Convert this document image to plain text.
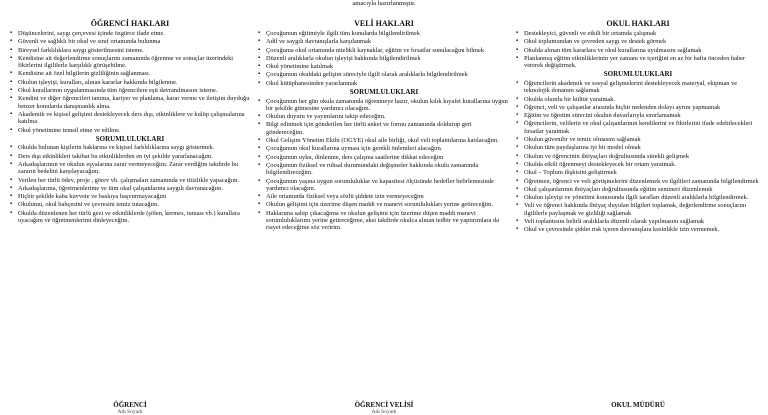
amacıyla hazırlanmıştır.
ÖĞRENCİ HAKLARI
▪ Düşüncelerini, saygı çerçevesi içinde özgürce ifade etme.
▪ Güvenli ve sağlıklı bir okul ve sınıf ortamında bulunma
▪ Bireysel farklılıklara saygı gösterilmesini isteme.
▪ Kendisine ait değerlendirme sonuçlarını zamanında öğrenme ve sonuçlar üzerindeki fikirlerini ilgililerle karşılıklı görüşebilme.
▪ Kendisine ait özel bilgilerin gizliliğinin sağlanması.
▪ Okulun işleyişi, kuralları, alınan kararlar hakkında bilgilenme.
▪ Okul kurallarının uygulanmasında tüm öğrencilere eşit davranılmasını isteme.
▪ Kendini ve diğer öğrencileri tanıma, kariyer ve planlama, karar verme ve iletişim duyduğu benzer konularda danışmanlık alma.
▪ Akademik ve kişisel gelişimi destekleyecek ders dışı, etkinliklere ve kulüp çalışmalarına katılma
▪ Okul yönetimine temsil etme ve edilme.
SORUMLULUKLARI
▪ Okulda bulunan kişilerin haklarına ve kişisel farklılıklarına saygı göstermek.
▪ Ders dışı etkinlikleri takibat bu etkinliklerden en iyi şekilde yararlanacağım.
▪ Arkadaşlarımın ve okulun eşyalarına zarar vermeyeceğim. Zarar verdiğim takdirde bu zararın bedelini karşılayacağım.
▪ Verilen her türlü ödev, proje , görev vb. çalışmaları zamanında ve titizlikle yapacağım.
▪ Arkadaşlarıma, öğretmenlerime ve tüm okul çalışanlarına saygılı davranacağım.
▪ Hiçbir şekilde kaba kuvvete ve baskıya başvurmayacağım
▪ Okulumu, okul bahçesini ve çevresini temiz tutacağım.
▪ Okulda düzenlenen her türlü gezi ve etkinliklerde (şölen, kermes, tuması vb.) kurallara uyacağım ve öğretmenlerimi dinleyeceğim.
VELİ HAKLARI
▪ Çocuğumun eğitimiyle ilgili tüm konularda bilgilendirilmek
▪ Adil ve saygılı davranışlarla karşılanmak
▪ Çocuğuma okul ortamında nitelikli kaynaklar, eğitim ve fırsatlar sunulacağını bilmek
▪ Düzenli aralıklarla okulun işleyişi hakkında bilgilendirilmek
▪ Okul yönetimine katılmak
▪ Çocuğumun okuldaki gelişim süreciyle ilgili olarak aralıklarla bilgilendirilmek
▪ Okul kütüphanesinden yararlanmak
SORUMLULUKLARI
▪ Çocuğumun her gün okula zamanında öğrenmeye hazır, okulun kılık kıyafet kurallarına uygun bir şekilde gitmesine yardımcı olacağım.
▪ Okulun duyuru ve yayımlarını takip edeceğim.
▪ Bilgi edinmek için gönderilen her türlü anket ve formu zamanında doldurup geri göndereceğim.
▪ Okul Gelişim Yönetim Ekibi (OGYE) okul aile birliği, okul veli toplantılarına katılacağım.
▪ Çocuğumun okul kurallarına uyması için gerekli önlemleri alacağım.
▪ Çocuğumun uyku, dinlenme, ders çalışma saatlerine dikkat edeceğim
▪ Çocuğumun fiziksel ve ruhsal durumundaki değişmeler hakkında okulu zamanında bilgilendireceğim.
▪ Çocuğumun yaşına uygun sorumluluklar ve kapasitesi ölçüsünde hedefler belirlemesinde yardımcı olacağım.
▪ Aile ortamında fiziksel veya sözlü şiddete izin vermeyeceğim
▪ Okulun gelişimi için üzerime düşen maddi ve manevi sorumlulukları yerine getireceğim.
▪ Haklarıma sahip çıkacağıma ve okulun gelişimi için üzerime düşen maddi manevi sorumluluklarımı yerine getireceğime, aksi takdirde okulca alınan tedbir ve yaptırımlara da riayet edeceğime söz veririm.
OKUL HAKLARI
▪ Destekleyici, güvenli ve etkili bir ortamda çalışmak
▪ Okul toplumundan ve çevreden saygı ve destek görmek
▪ Okulda alınan tüm kararlara ve okul kurallarına uyulmasını sağlamak
▪ Planlanmış eğitim etkinliklerinin yer zamanı ve içeriğini en az bir hafta önceden haber vererek değiştirmek.
SORUMLULUKLARI
▪ Öğrencilerin akademik ve sosyal gelişmelerini destekleyecek materyal, ekipman ve teknolojik donanım sağlamak
▪ Okulda olumlu bir kültür yaratmak.
▪ Öğrenci, veli ve çalışanlar arasında hiçbir nedenden dolayı ayrım yapmamak
▪ Eğitim ve öğretim sürecini okulun duvarlarıyla sınırlamamak
▪ Öğrencilerin, velilerin ve okul çalışanlarının kendilerini ve fikirlerini ifade edebilecekleri fırsatlar yaratmak
▪ Okulun güvenilir ve temiz olmasını sağlamak
▪ Okulun tüm paydaşlarına iyi bir model olmak
▪ Okulun ve öğrencinin ihtiyaçları doğrultusunda sürekli gelişmek
▪ Okulda etkili öğrenmeyi destekleyecek bir ortam yaratmak.
▪ Okul – Toplum ilişkisini geliştirmek
▪ Öğretmen, öğrenci ve veli görüşmelerini düzenlemek ve ilgilileri zamanında bilgilendirmek
▪ Okul çalışanlarının ihtiyaçları doğrultusunda eğitim semineri düzenlemek
▪ Okulun işleyişi ve yönetimi konusunda ilgili tarafları düzenli aralıklarla bilgilendirmek.
▪ Veli ve öğrenci hakkında ihtiyaç duyulan bilgileri toplamak, değerlendirme sonuçlarını ilgililerle paylaşmak ve gizliliği sağlamak
▪ Veli toplantısını belirli aralıklarla düzenli olarak yapılmasını sağlamak
▪ Okul ve çevresinde şiddet risk içeren davranışlara kesinlikle izin vermemek.
ÖĞRENCİ
Adı Soyadı
ÖĞRENCİ VELİSİ
Adı Soyadı
OKUL MÜDÜRÜ
